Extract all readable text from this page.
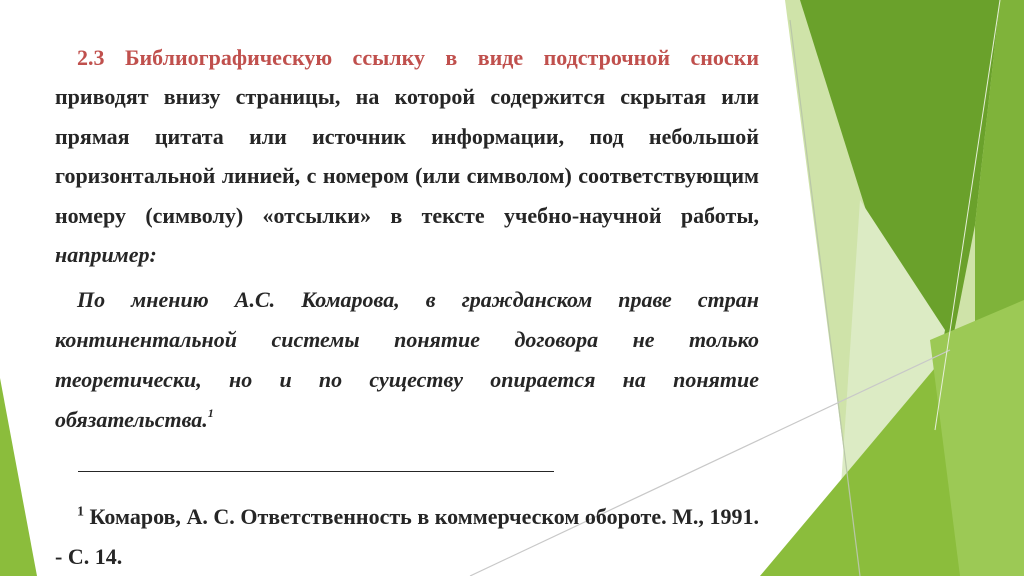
2.3 Библиографическую ссылку в виде подстрочной сноски приводят внизу страницы, на которой содержится скрытая или прямая цитата или источник информации, под небольшой горизонтальной линией, с номером (или символом) соответствующим номеру (символу) «отсылки» в тексте учебно-научной работы, например:

По мнению А.С. Комарова, в гражданском праве стран континентальной системы понятие договора не только теоретически, но и по существу опирается на понятие обязательства.$^1$

$^1$ Комаров, А. С. Ответственность в коммерческом обороте. М., 1991. - С. 14.
